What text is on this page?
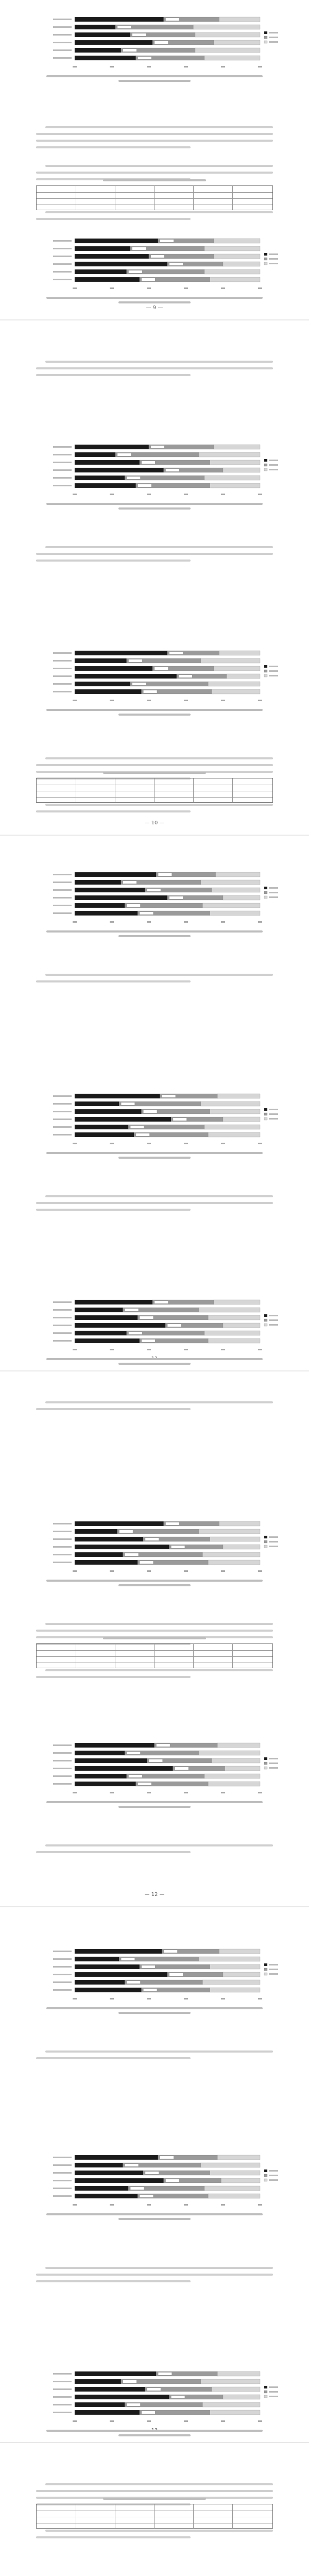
— 9 —
— 10 —
— 12 —
